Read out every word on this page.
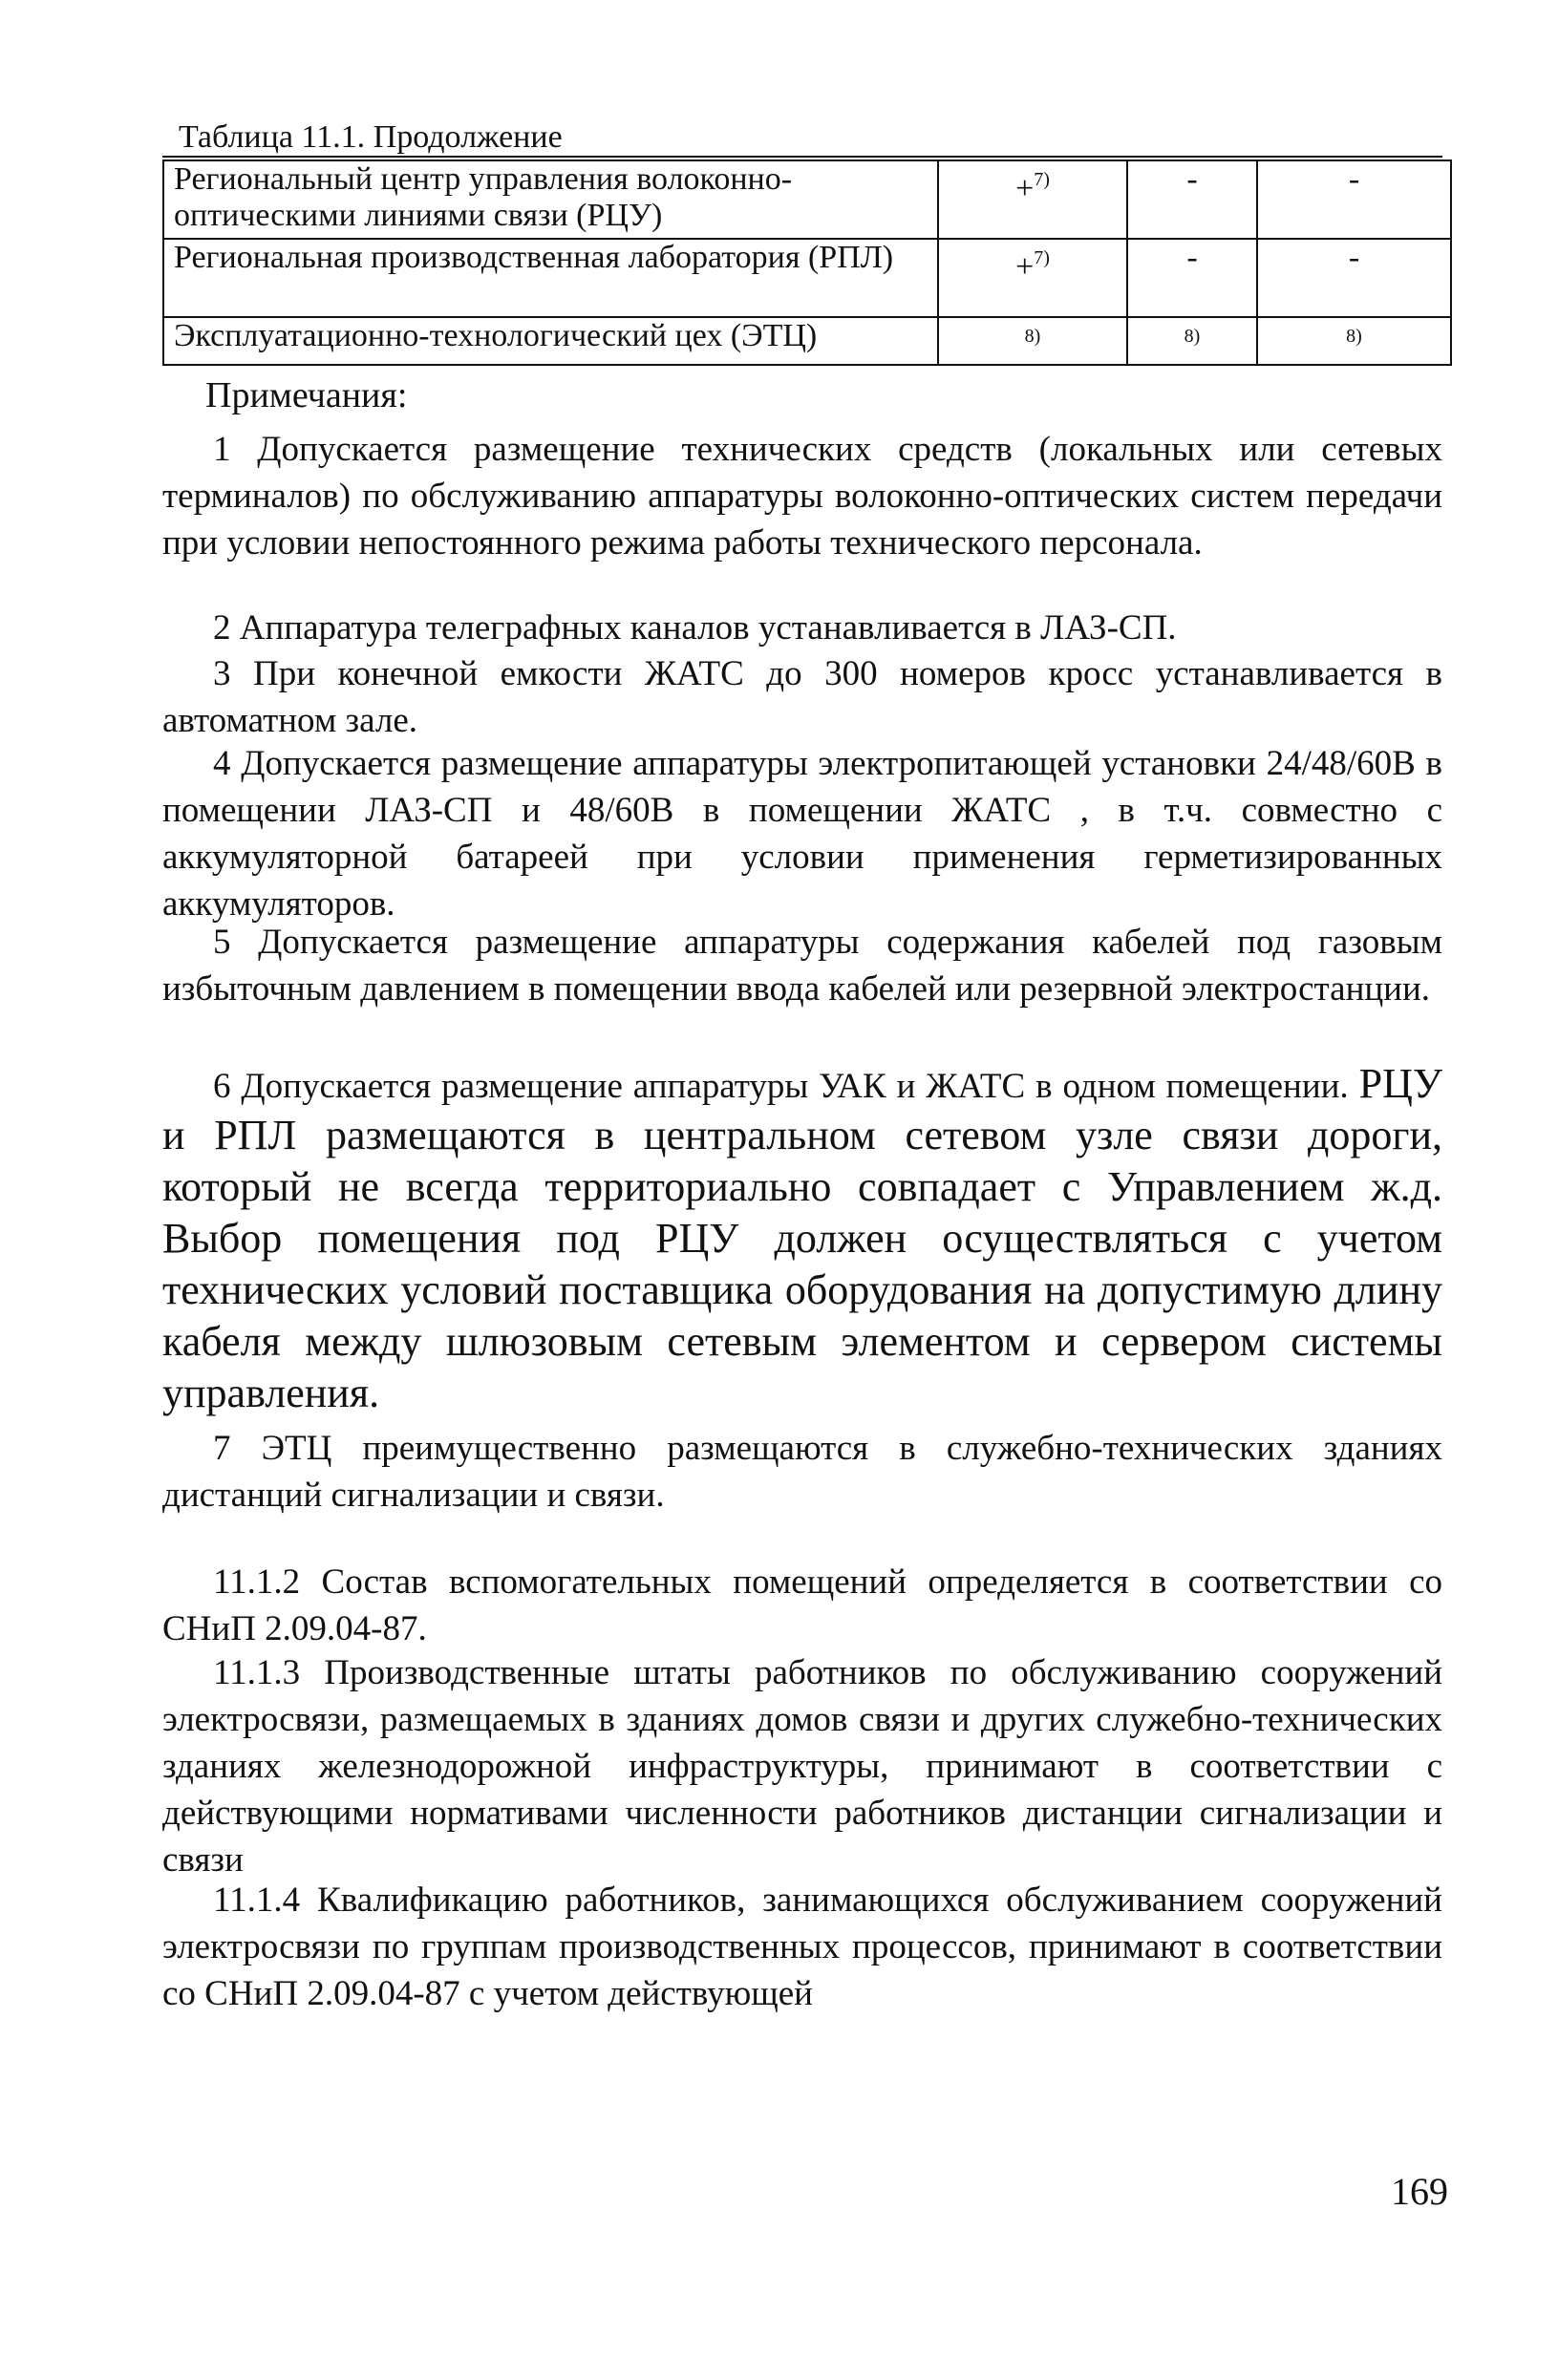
Таблица 11.1. Продолжение
Региональный центр управления волоконно-оптическими линиями связи (РЦУ)	+$^{7)}$	-	-
Региональная производственная лаборатория (РПЛ)	+$^{7)}$	-	-
Эксплуатационно-технологический цех (ЭТЦ)	$^{8)}$	$^{8)}$	$^{8)}$
Примечания:

1 Допускается размещение технических средств (локальных или сетевых терминалов) по обслуживанию аппаратуры волоконно-оптических систем передачи при условии непостоянного режима работы технического персонала.

2 Аппаратура телеграфных каналов устанавливается в ЛАЗ-СП.

3 При конечной емкости ЖАТС до 300 номеров кросс устанавливается в автоматном зале.

4 Допускается размещение аппаратуры электропитающей установки 24/48/60В в помещении ЛАЗ-СП и 48/60В в помещении ЖАТС , в т.ч. совместно с аккумуляторной батареей при условии применения герметизированных аккумуляторов.

5 Допускается размещение аппаратуры содержания кабелей под газовым избыточным давлением в помещении ввода кабелей или резервной электростанции.

6 Допускается размещение аппаратуры УАК и ЖАТС в одном помещении. РЦУ и РПЛ размещаются в центральном сетевом узле связи дороги, который не всегда территориально совпадает с Управлением ж.д. Выбор помещения под РЦУ должен осуществляться с учетом технических условий поставщика оборудования на допустимую длину кабеля между шлюзовым сетевым элементом и сервером системы управления.

7 ЭТЦ преимущественно размещаются в служебно-технических зданиях дистанций сигнализации и связи.

11.1.2 Состав вспомогательных помещений определяется в соответствии со СНиП 2.09.04-87.

11.1.3 Производственные штаты работников по обслуживанию сооружений электросвязи, размещаемых в зданиях домов связи и других служебно-технических зданиях железнодорожной инфраструктуры, принимают в соответствии с действующими нормативами численности работников дистанции сигнализации и связи

11.1.4 Квалификацию работников, занимающихся обслуживанием сооружений электросвязи по группам производственных процессов, принимают в соответствии со СНиП 2.09.04-87 с учетом действующей

169
